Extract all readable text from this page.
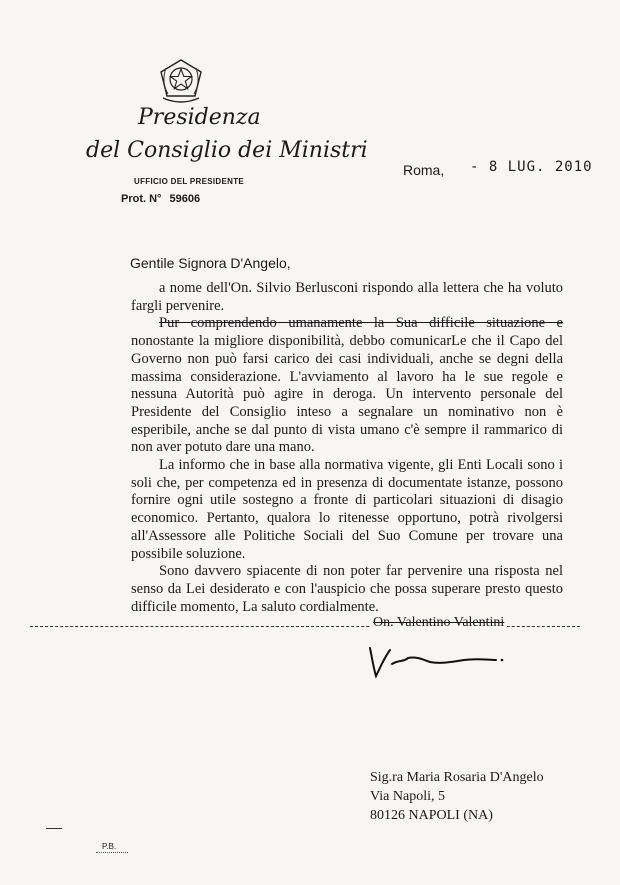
Presidenza
del Consiglio dei Ministri
UFFICIO DEL PRESIDENTE
Prot. N° 59606
Roma, - 8 LUG. 2010
Gentile Signora D'Angelo,

a nome dell'On. Silvio Berlusconi rispondo alla lettera che ha voluto fargli pervenire.

Pur comprendendo umanamente la Sua difficile situazione e nonostante la migliore disponibilità, debbo comunicarLe che il Capo del Governo non può farsi carico dei casi individuali, anche se degni della massima considerazione. L'avviamento al lavoro ha le sue regole e nessuna Autorità può agire in deroga. Un intervento personale del Presidente del Consiglio inteso a segnalare un nominativo non è esperibile, anche se dal punto di vista umano c'è sempre il rammarico di non aver potuto dare una mano.

La informo che in base alla normativa vigente, gli Enti Locali sono i soli che, per competenza ed in presenza di documentate istanze, possono fornire ogni utile sostegno a fronte di particolari situazioni di disagio economico. Pertanto, qualora lo ritenesse opportuno, potrà rivolgersi all'Assessore alle Politiche Sociali del Suo Comune per trovare una possibile soluzione.

Sono davvero spiacente di non poter far pervenire una risposta nel senso da Lei desiderato e con l'auspicio che possa superare presto questo difficile momento, La saluto cordialmente.

On. Valentino Valentini
Sig.ra Maria Rosaria D'Angelo
Via Napoli, 5
80126 NAPOLI (NA)
P.B.
